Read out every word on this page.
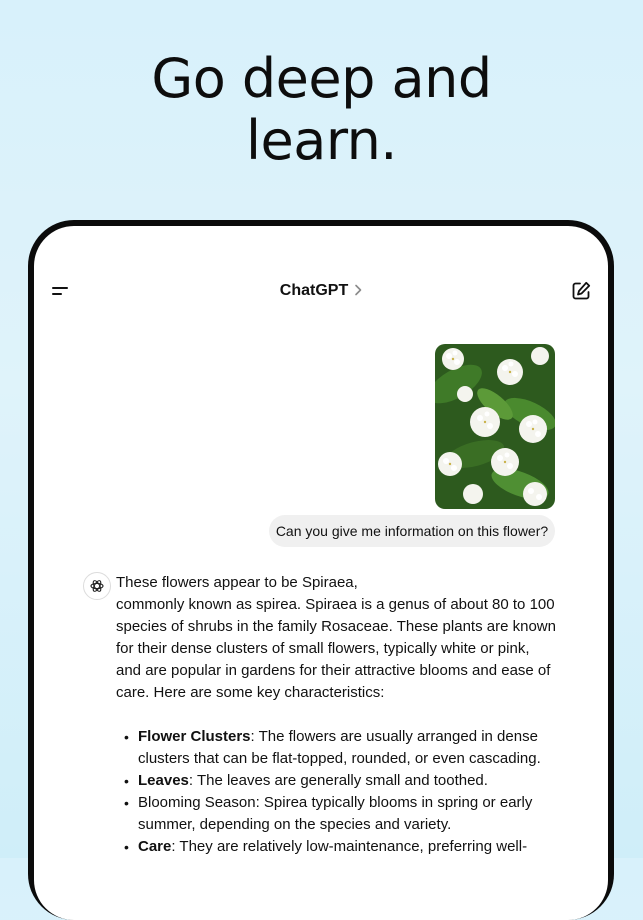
Go deep and
learn.
ChatGPT
Can you give me information on this flower?

These flowers appear to be Spiraea,

commonly known as spirea. Spiraea is a genus of about 80 to 100 species of shrubs in the family Rosaceae. These plants are known for their dense clusters of small flowers, typically white or pink, and are popular in gardens for their attractive blooms and ease of care. Here are some key characteristics:

• Flower Clusters: The flowers are usually arranged in dense clusters that can be flat-topped, rounded, or even cascading.
• Leaves: The leaves are generally small and toothed.
• Blooming Season: Spirea typically blooms in spring or early summer, depending on the species and variety.
• Care: They are relatively low-maintenance, preferring well-
